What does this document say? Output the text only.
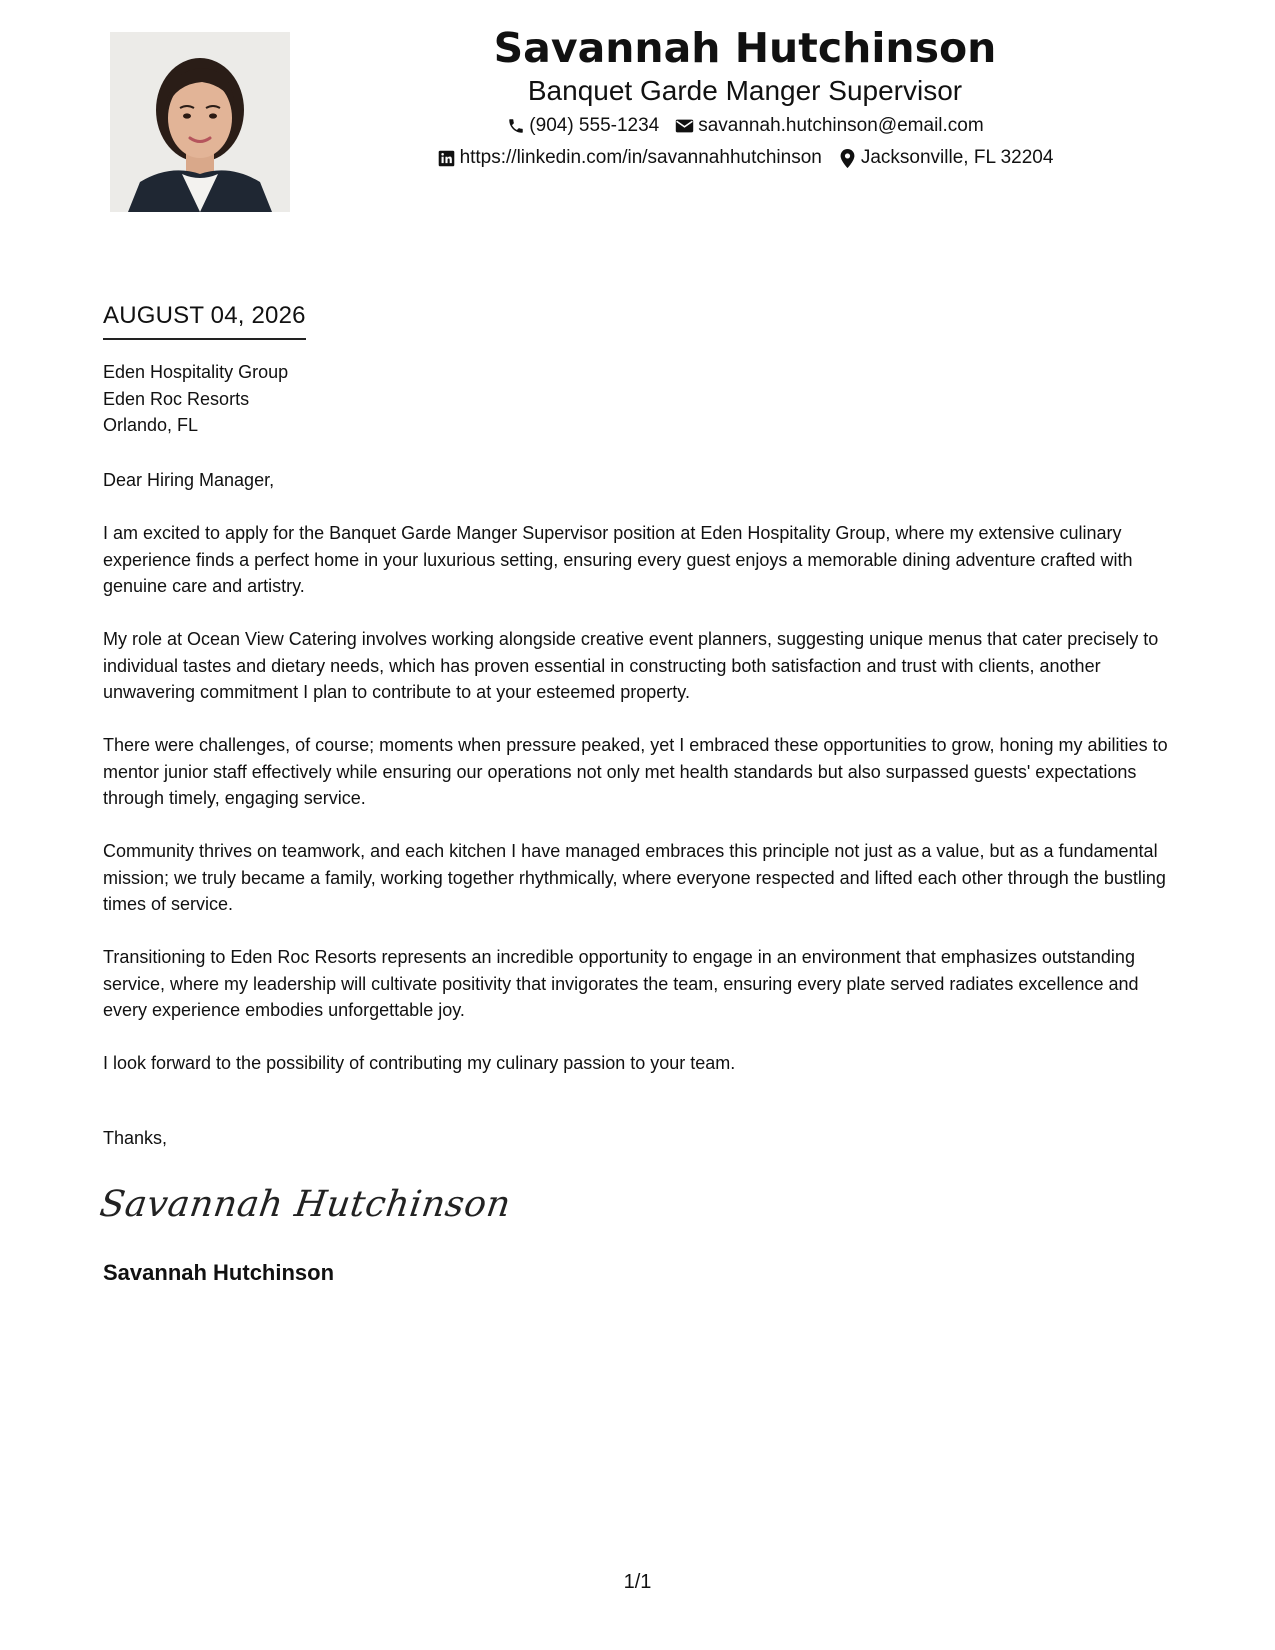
Savannah Hutchinson
Banquet Garde Manger Supervisor
(904) 555-1234 savannah.hutchinson@email.com
https://linkedin.com/in/savannahhutchinson Jacksonville, FL 32204
AUGUST 04, 2026
Eden Hospitality Group
Eden Roc Resorts
Orlando, FL
Dear Hiring Manager,

I am excited to apply for the Banquet Garde Manger Supervisor position at Eden Hospitality Group, where my extensive culinary experience finds a perfect home in your luxurious setting, ensuring every guest enjoys a memorable dining adventure crafted with genuine care and artistry.

My role at Ocean View Catering involves working alongside creative event planners, suggesting unique menus that cater precisely to individual tastes and dietary needs, which has proven essential in constructing both satisfaction and trust with clients, another unwavering commitment I plan to contribute to at your esteemed property.

There were challenges, of course; moments when pressure peaked, yet I embraced these opportunities to grow, honing my abilities to mentor junior staff effectively while ensuring our operations not only met health standards but also surpassed guests' expectations through timely, engaging service.

Community thrives on teamwork, and each kitchen I have managed embraces this principle not just as a value, but as a fundamental mission; we truly became a family, working together rhythmically, where everyone respected and lifted each other through the bustling times of service.

Transitioning to Eden Roc Resorts represents an incredible opportunity to engage in an environment that emphasizes outstanding service, where my leadership will cultivate positivity that invigorates the team, ensuring every plate served radiates excellence and every experience embodies unforgettable joy.

I look forward to the possibility of contributing my culinary passion to your team.

Thanks,
Savannah Hutchinson
Savannah Hutchinson
1/1
